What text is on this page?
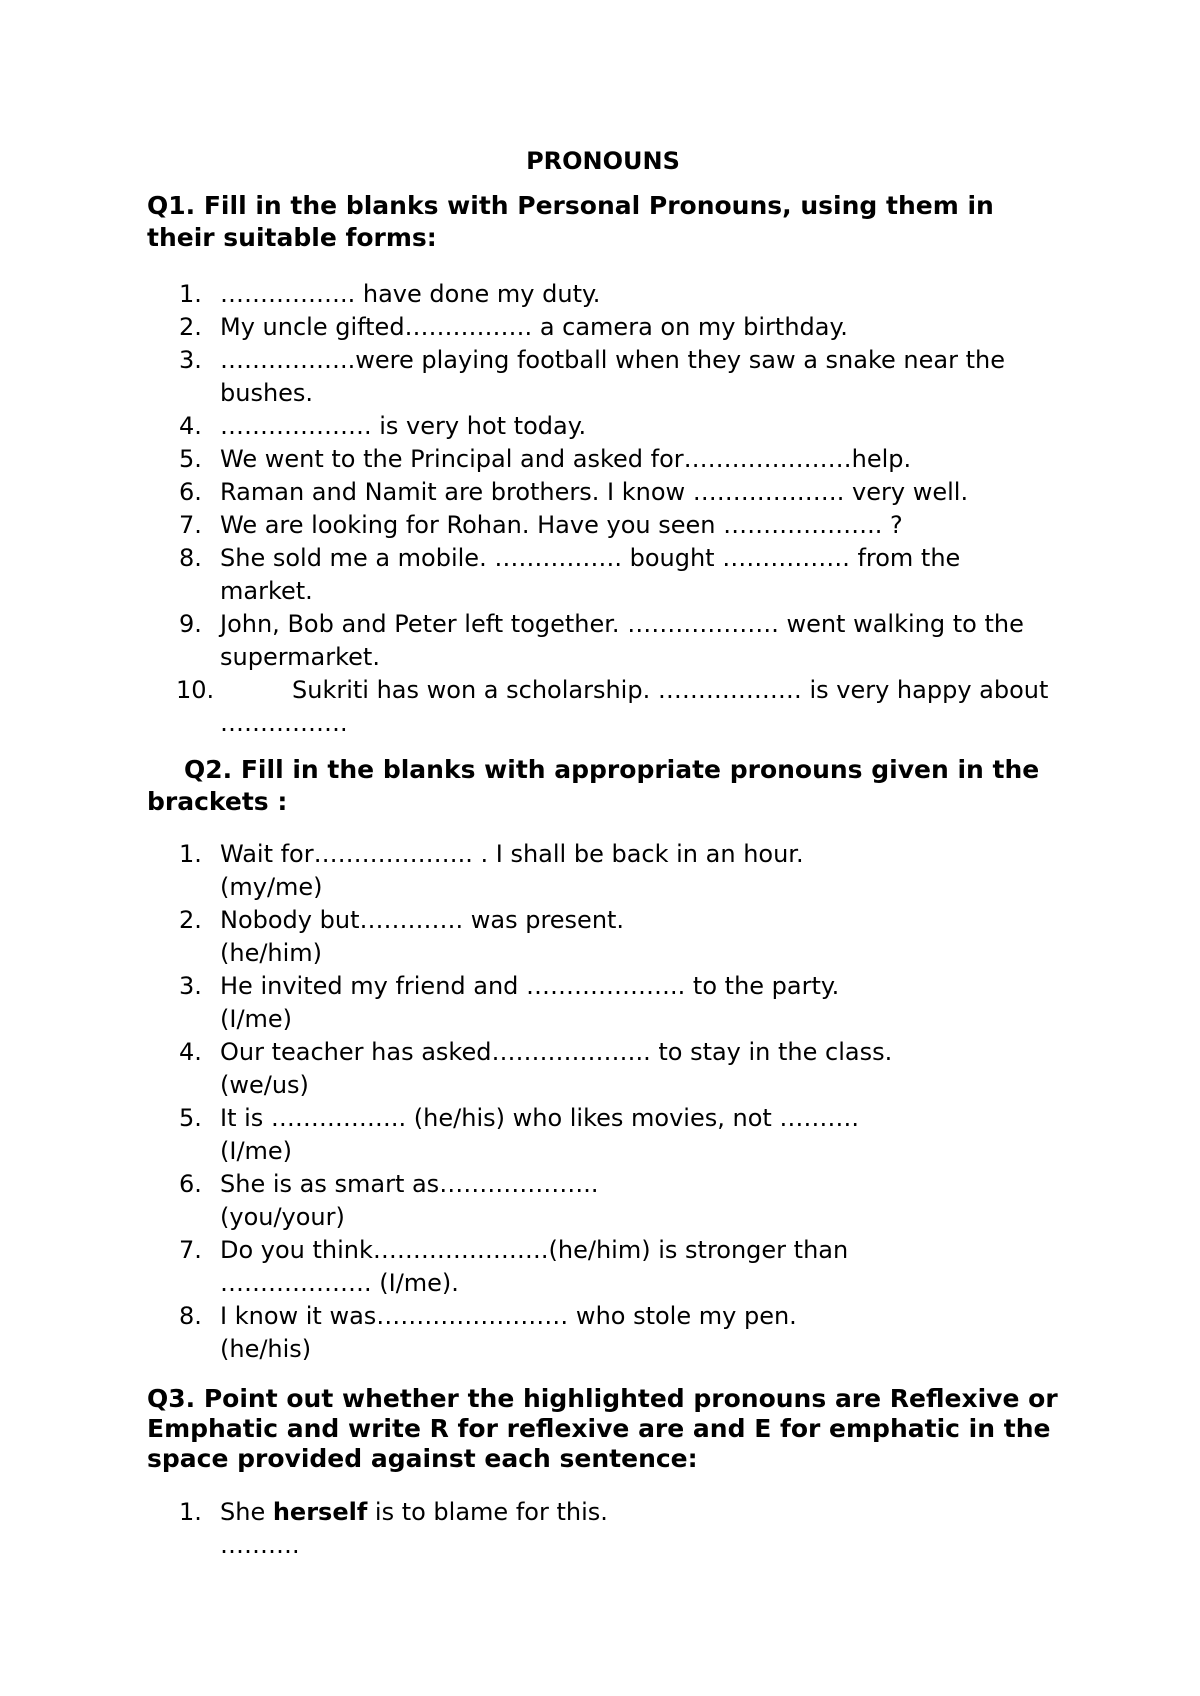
PRONOUNS
Q1. Fill in the blanks with Personal Pronouns, using them in their suitable forms:
1. …………….. have done my duty.
2. My uncle gifted……………. a camera on my birthday.
3. ……………..were playing football when they saw a snake near the bushes.
4. ………………. is very hot today.
5. We went to the Principal and asked for…………………help.
6. Raman and Namit are brothers. I know ………………. very well.
7. We are looking for Rohan. Have you seen ……………….. ?
8. She sold me a mobile. ……………. bought ……………. from the market.
9. John, Bob and Peter left together. ………………. went walking to the supermarket.
10.	Sukriti has won a scholarship. ……………… is very happy about …………….
Q2. Fill in the blanks with appropriate pronouns given in the brackets :
1. Wait for……………….. . I shall be back in an hour.
(my/me)
2. Nobody but…………. was present.
(he/him)
3. He invited my friend and ……………….. to the party.
(I/me)
4. Our teacher has asked……………….. to stay in the class.
(we/us)
5. It is …………….. (he/his) who likes movies, not ……….
(I/me)
6. She is as smart as………………..
(you/your)
7. Do you think………………….(he/him) is stronger than
………………. (I/me).
8. I know it was…………………… who stole my pen.
(he/his)
Q3. Point out whether the highlighted pronouns are Reflexive or Emphatic and write R for reflexive are and E for emphatic in the space provided against each sentence:
1. She herself is to blame for this.
……….
